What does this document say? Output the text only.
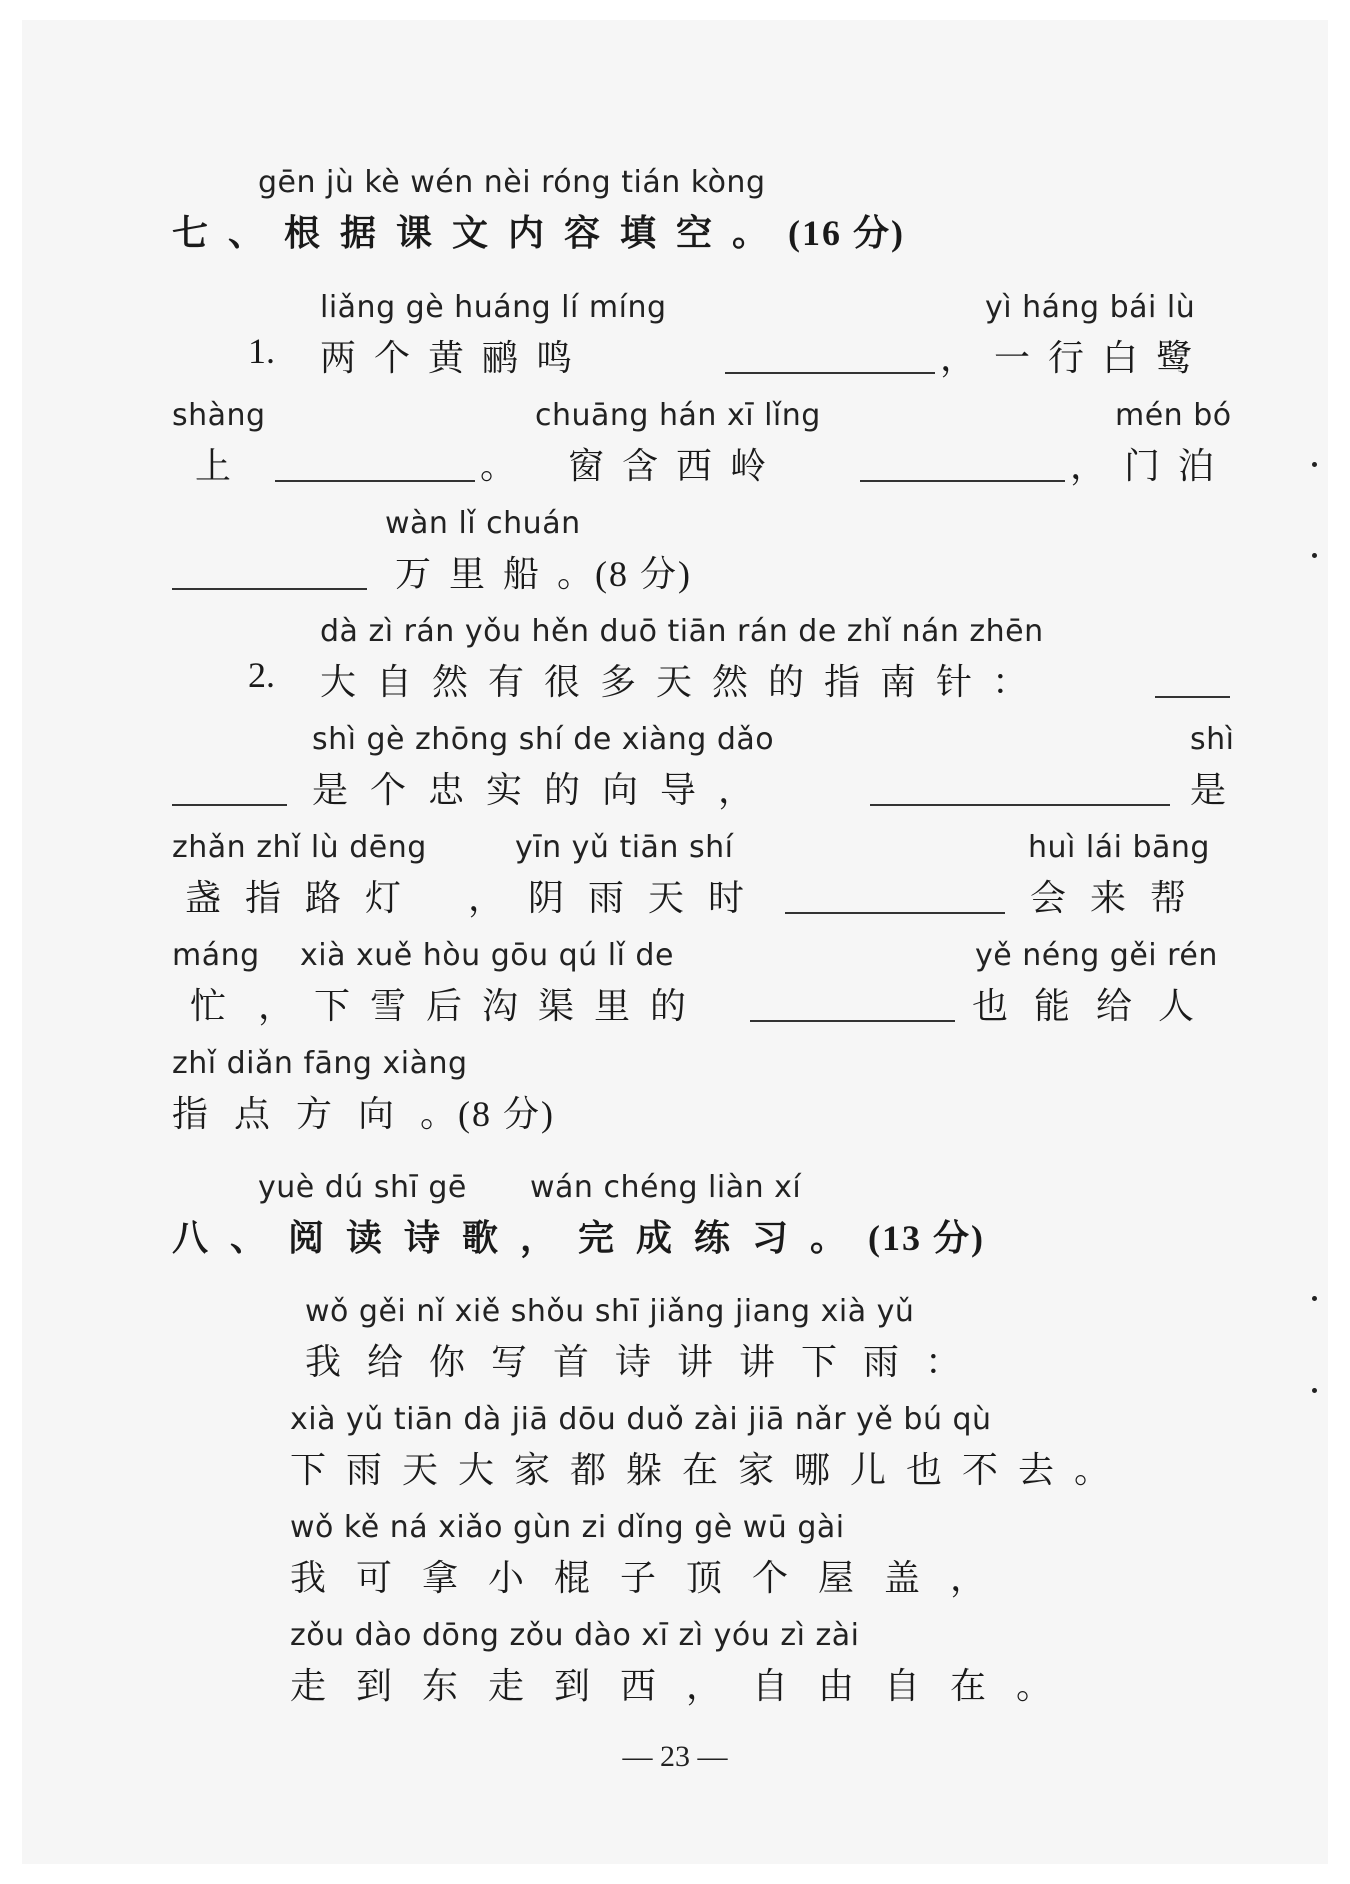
gēn jù kè wén nèi róng tián kòng
七、根据课文内容填空。(16 分)
liǎng gè huáng lí míng
1. 两个黄鹂鸣
yì háng bái lù
，一行白鹭
shàng
上	。
chuāng hán xī lǐng
窗含西岭
mén bó
，门泊
wàn lǐ chuán
万里船。(8 分)
dà zì rán yǒu hěn duō tiān rán de zhǐ nán zhēn
2. 大自然有很多天然的指南针：
shì gè zhōng shí de xiàng dǎo
是个忠实的向导，
shì
是
zhǎn zhǐ lù dēng
盏指路灯
yīn yǔ tiān shí
，阴雨天时
huì lái bāng
会来帮
máng
忙
xià xuě hòu gōu qú lǐ de
，下雪后沟渠里的
yě néng gěi rén
也能给人
zhǐ diǎn fāng xiàng
指点方向。(8 分)
yuè dú shī gē wán chéng liàn xí
八、阅读诗歌，完成练习。(13 分)
wǒ gěi nǐ xiě shǒu shī jiǎng jiang xià yǔ
我给你写首诗讲讲下雨：
xià yǔ tiān dà jiā dōu duǒ zài jiā nǎr yě bú qù
下雨天大家都躲在家哪儿也不去。
wǒ kě ná xiǎo gùn zi dǐng gè wū gài
我可拿小棍子顶个屋盖，
zǒu dào dōng zǒu dào xī zì yóu zì zài
走到东走到西，自由自在。
— 23 —
